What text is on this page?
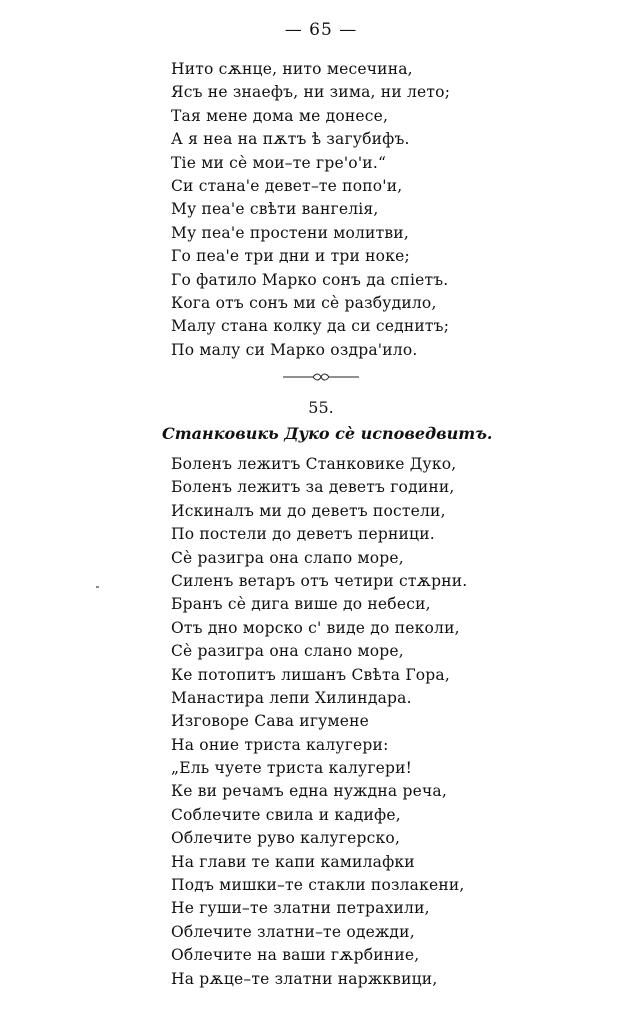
— 65 —
Нито сѫнце, нито месечина,
Ясъ не знаефъ, ни зима, ни лето;
Тая мене дома ме донесе,
А я неа на пѫтъ ѣ загубифъ.
Тіе ми сѐ мои–те гре'о'и.“
Си стана'е девет–те попо'и,
Му пеа'е свѣти вангелія,
Му пеа'е простени молитви,
Го пеа'е три дни и три ноке;
Го фатило Марко сонъ да спіетъ.
Кога отъ сонъ ми сѐ разбудило,
Малу стана колку да си седнитъ;
По малу си Марко оздра'ило.
55.
Станковикь Дуко сѐ исповедвитъ.
Боленъ лежитъ Станковике Дуко,
Боленъ лежитъ за деветъ години,
Искиналъ ми до деветъ постели,
По постели до деветъ перници.
Сѐ разигра она слапо море,
Силенъ ветаръ отъ четири стѫрни.
Бранъ сѐ дига више до небеси,
Отъ дно морско с' виде до пеколи,
Сѐ разигра она слано море,
Ке потопитъ лишанъ Свѣта Гора,
Манастира лепи Хилиндара.
Изговоре Сава игумене
На оние триста калугери:
„Ель чуете триста калугери!
Ке ви речамъ една нуждна реча,
Соблечите свила и кадифе,
Облечите руво калугерско,
На глави те капи камилафки
Подъ мишки–те стакли позлакени,
Не гуши–те златни петрахили,
Облечите златни–те одежди,
Облечите на ваши гѫрбиние,
На рѫце–те златни наржквици,
